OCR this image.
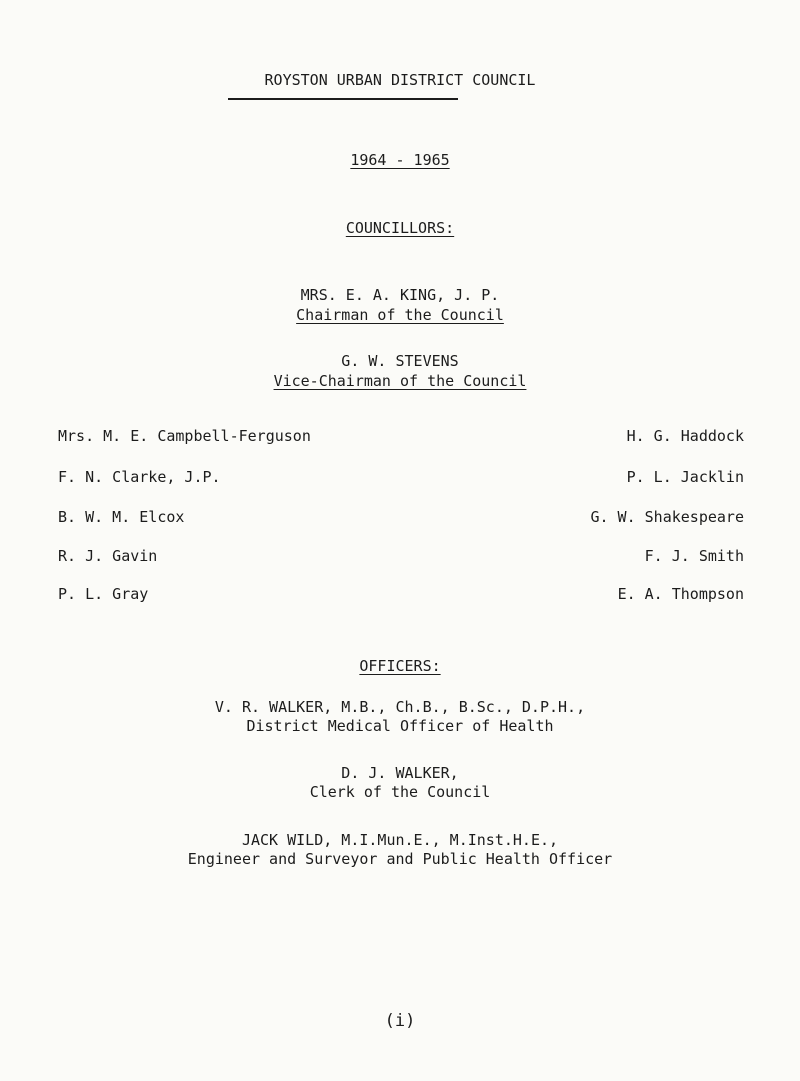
ROYSTON URBAN DISTRICT COUNCIL
1964 - 1965
COUNCILLORS:
MRS. E. A. KING, J. P.
Chairman of the Council
G. W. STEVENS
Vice-Chairman of the Council
Mrs. M. E. Campbell-Ferguson
F. N. Clarke, J.P.
B. W. M. Elcox
R. J. Gavin
P. L. Gray
H. G. Haddock
P. L. Jacklin
G. W. Shakespeare
F. J. Smith
E. A. Thompson
OFFICERS:
V. R. WALKER, M.B., Ch.B., B.Sc., D.P.H.,
District Medical Officer of Health
D. J. WALKER,
Clerk of the Council
JACK WILD, M.I.Mun.E., M.Inst.H.E.,
Engineer and Surveyor and Public Health Officer
(i)
